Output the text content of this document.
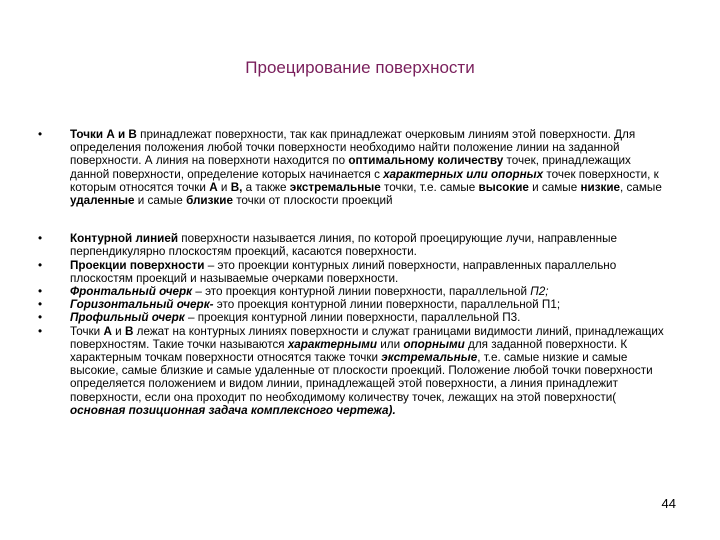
Проецирование поверхности
• Точки А и В принадлежат поверхности, так как принадлежат очерковым линиям этой поверхности. Для определения положения любой точки поверхности необходимо найти положение линии на заданной поверхности. А линия на поверхноти находится по оптимальному количеству точек, принадлежащих данной поверхности, определение которых начинается с характерных или опорных точек поверхности, к которым относятся точки А и В, а также экстремальные точки, т.е. самые высокие и самые низкие, самые удаленные и самые близкие точки от плоскости проекций
• Контурной линией поверхности называется линия, по которой проецирующие лучи, направленные перпендикулярно плоскостям проекций, касаются поверхности.
• Проекции поверхности – это проекции контурных линий поверхности, направленных параллельно плоскостям проекций и называемые очерками поверхности.
• Фронтальный очерк – это проекция контурной линии поверхности, параллельной П2;
• Горизонтальный очерк- это проекция контурной линии поверхности, параллельной П1;
• Профильный очерк – проекция контурной линии поверхности, параллельной П3.
• Точки А и В лежат на контурных линиях поверхности и служат границами видимости линий, принадлежащих поверхностям. Такие точки называются характерными или опорными для заданной поверхности. К характерным точкам поверхности относятся также точки экстремальные, т.е. самые низкие и самые высокие, самые близкие и самые удаленные от плоскости проекций. Положение любой точки поверхности определяется положением и видом линии, принадлежащей этой поверхности, а линия принадлежит поверхности, если она проходит по необходимому количеству точек, лежащих на этой поверхности( основная позиционная задача комплексного чертежа).
44
